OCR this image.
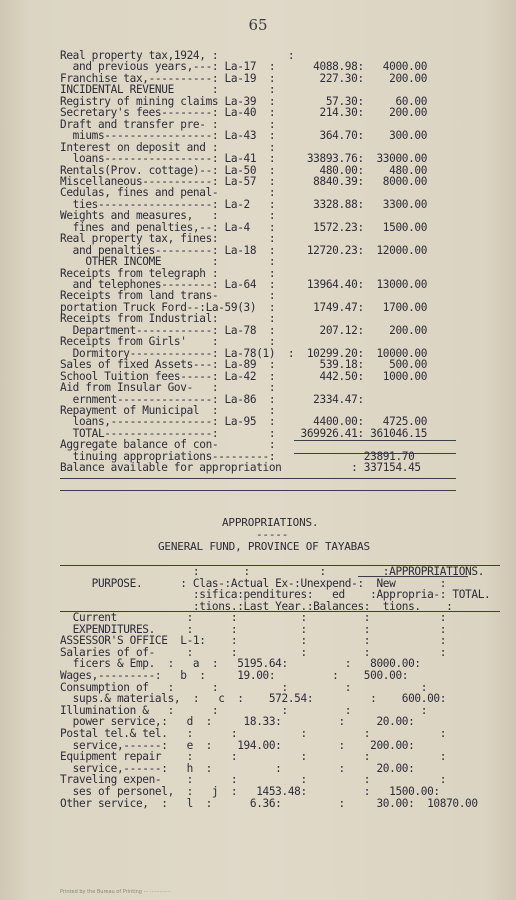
65
Real property tax,1924, :           :
and previous years,---: La-17  :      4088.98:   4000.00
Franchise tax,----------: La-19  :       227.30:    200.00
INCIDENTAL REVENUE      :        :
Registry of mining claims La-39  :        57.30:     60.00
Secretary's fees--------: La-40  :       214.30:    200.00
Draft and transfer pre- :        :
miums-----------------: La-43  :       364.70:    300.00
Interest on deposit and :        :
loans-----------------: La-41  :     33893.76:  33000.00
Rentals(Prov. cottage)--: La-50  :       480.00:    480.00
Miscellaneous-----------: La-57  :      8840.39:   8000.00
Cedulas, fines and penal-        :
ties------------------: La-2   :      3328.88:   3300.00
Weights and measures,   :        :
fines and penalties,--: La-4   :      1572.23:   1500.00
Real property tax, fines:        :
and penalties---------: La-18  :     12720.23:  12000.00
OTHER INCOME        :        :
Receipts from telegraph :        :
and telephones--------: La-64  :     13964.40:  13000.00
Receipts from land trans-        :
portation Truck Ford--:La-59(3)  :      1749.47:   1700.00
Receipts from Industrial:        :
Department------------: La-78  :       207.12:    200.00
Receipts from Girls'    :        :
Dormitory-------------: La-78(1)  :  10299.20:  10000.00
Sales of fixed Assets---: La-89  :       539.18:    500.00
School Tuition fees-----: La-42  :       442.50:   1000.00
Aid from Insular Gov-   :        :
ernment---------------: La-86  :      2334.47:
Repayment of Municipal  :        :
loans,----------------: La-95  :      4400.00:   4725.00
TOTAL-----------------:        :    369926.41: 361046.15
Aggregate balance of con-        :
tinuing appropriations---------:              23891.70
Balance available for appropriation           : 337154.45
APPROPRIATIONS.
-----
GENERAL FUND, PROVINCE OF TAYABAS
:       :           :         :APPROPRIATIONS.
PURPOSE.      : Clas-:Actual Ex-:Unexpend-:  New       :
:sifica:penditures:   ed    :Appropria-: TOTAL.
:tions.:Last Year.:Balances:  tions.    :
Current           :      :          :         :           :
EXPENDITURES.     :      :          :         :           :
ASSESSOR'S OFFICE  L-1:    :          :         :           :
Salaries of of-     :      :          :         :           :
ficers & Emp.  :   a  :   5195.64:         :   8000.00:
Wages,---------:   b  :     19.00:         :    500.00:
Consumption of   :      :          :         :           :
sups.& materials,  :   c  :    572.54:         :    600.00:
Illumination &   :      :          :         :           :
power service,:   d  :     18.33:         :     20.00:
Postal tel.& tel.   :      :          :         :           :
service,------:   e  :    194.00:         :    200.00:
Equipment repair    :      :          :         :           :
service,------:   h  :          :         :     20.00:
Traveling expen-    :      :          :         :           :
ses of personel,  :   j  :   1453.48:         :   1500.00:
Other service,  :   l  :      6.36:         :     30.00:  10870.00
Printed by the Bureau of Printing ··· ·············
